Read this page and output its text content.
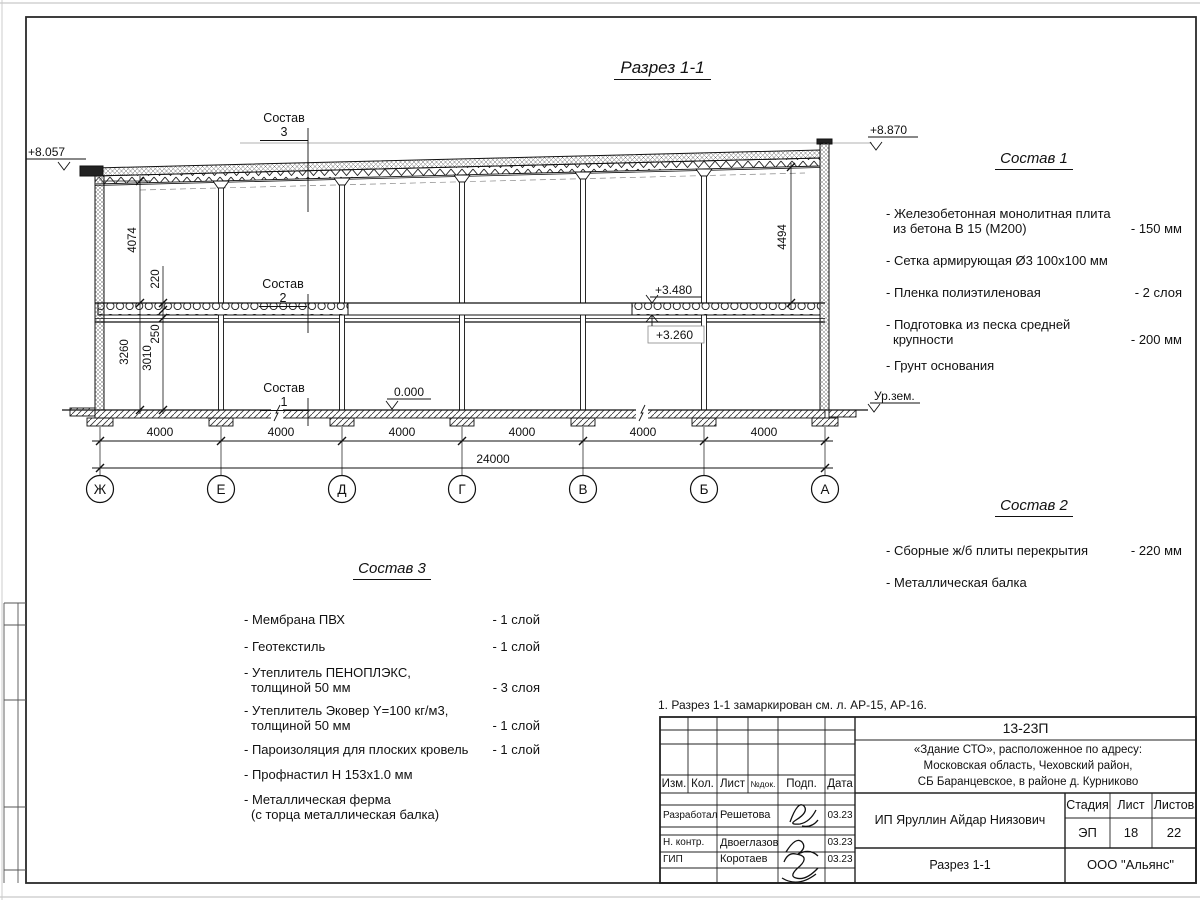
4000	4000	4000	4000	4000	4000
24000
Ж	Е	Д	Г	В	Б	А
4074
3260
220
250
3010
4494
+8.057
+8.870
+3.480
+3.260
0.000	Ур.зем.
Разрез 1-1
Состав 3
Состав 2
Состав 1
Состав 1
- Железобетонная монолитная плита
из бетона В 15 (М200)	- 150 мм
- Сетка армирующая Ø3 100х100 мм
- Пленка полиэтиленовая	- 2 слоя
- Подготовка из песка средней
крупности	- 200 мм
- Грунт основания
Состав 2
- Сборные ж/б плиты перекрытия	- 220 мм
- Металлическая балка
Состав 3
- Мембрана ПВХ	- 1 слой
- Геотекстиль	- 1 слой
- Утеплитель ПЕНОПЛЭКС,
толщиной 50 мм	- 3 слоя
- Утеплитель Эковер Y=100 кг/м3,
толщиной 50 мм	- 1 слой
- Пароизоляция для плоских кровель	- 1 слой
- Профнастил Н 153х1.0 мм
- Металлическая ферма
(с торца металлическая балка)
1. Разрез 1-1 замаркирован см. л. АР-15, АР-16.
13-23П
«Здание СТО», расположенное по адресу:
Московская область, Чеховский район,
СБ Баранцевское, в районе д. Курниково
ИП Яруллин Айдар Ниязович
Стадия Лист Листов
ЭП	18	22
Разрез 1-1	ООО "Альянс"
Изм. Кол. Лист №док. Подп. Дата
Разработал Решетова	03.23
Н. контр.	Двоеглазов	03.23
ГИП	Коротаев	03.23
